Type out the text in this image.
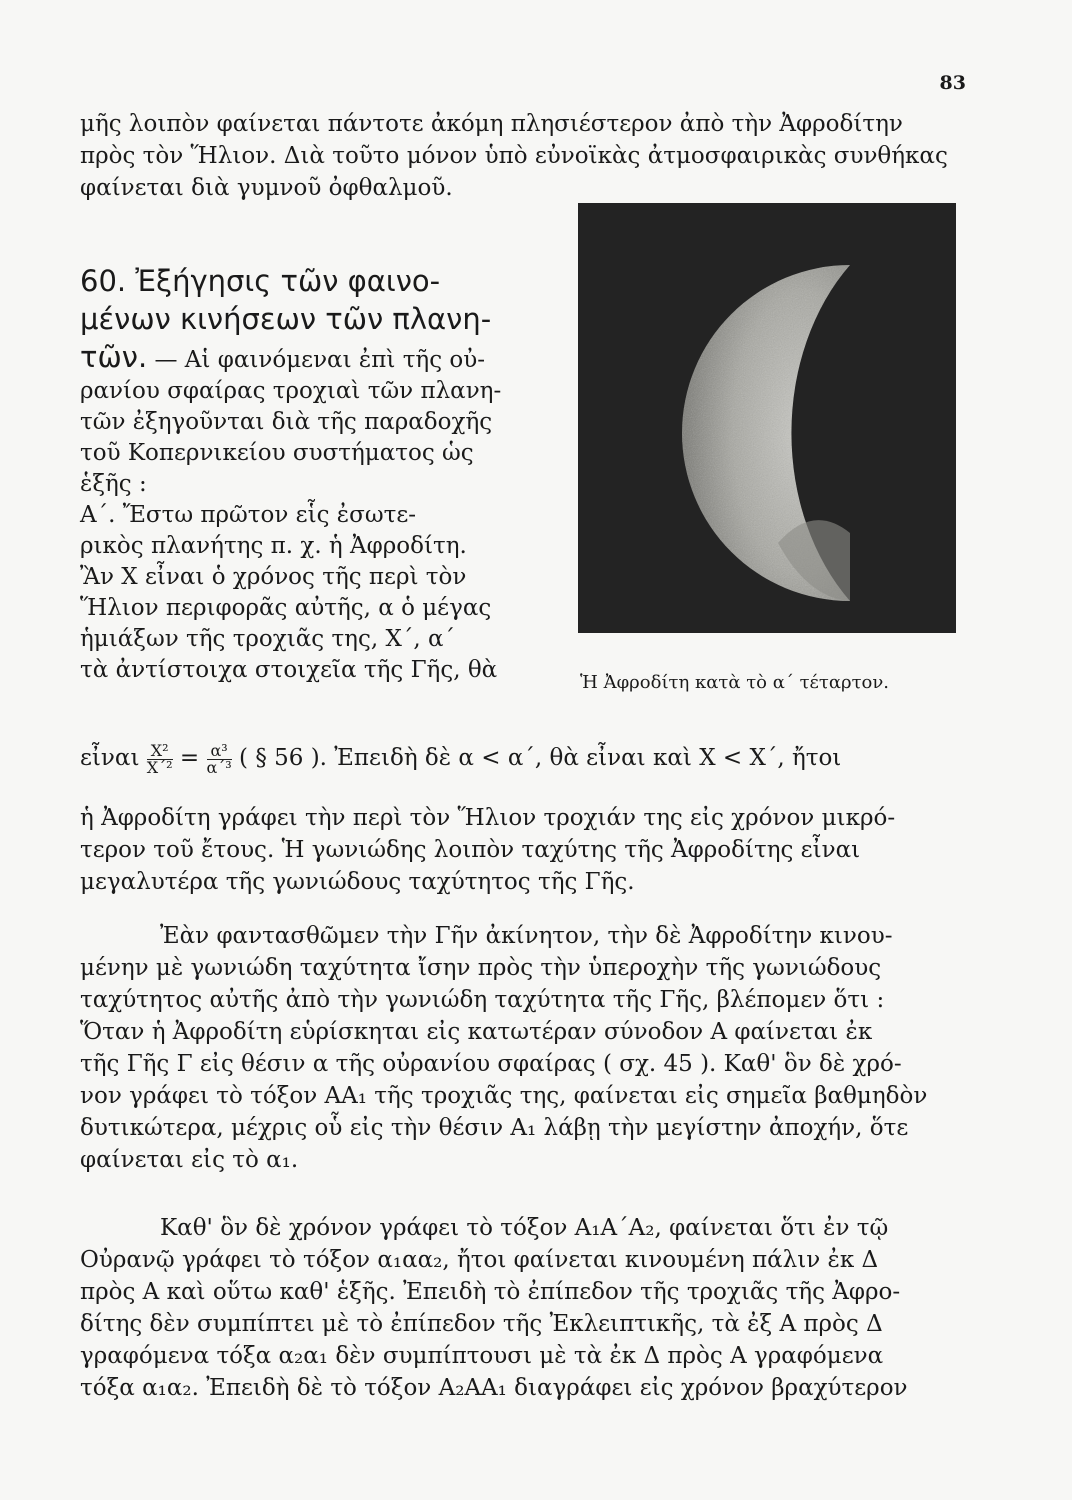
83
μῆς λοιπὸν φαίνεται πάντοτε ἀκόμη πλησιέστερον ἀπὸ τὴν Ἀφροδίτην
πρὸς τὸν Ἥλιον. Διὰ τοῦτο μόνον ὑπὸ εὐνοϊκὰς ἀτμοσφαιρικὰς συνθήκας
φαίνεται διὰ γυμνοῦ ὀφθαλμοῦ.
60. Ἐξήγησις τῶν φαινο-
μένων κινήσεων τῶν πλανη-
τῶν. — Αἱ φαινόμεναι ἐπὶ τῆς οὐ-
ρανίου σφαίρας τροχιαὶ τῶν πλανη-
τῶν ἐξηγοῦνται διὰ τῆς παραδοχῆς
τοῦ Κοπερνικείου συστήματος ὡς
ἑξῆς :
Α΄. Ἔστω πρῶτον εἷς ἐσωτε-
ρικὸς πλανήτης π. χ. ἡ Ἀφροδίτη.
Ἂν Χ εἶναι ὁ χρόνος τῆς περὶ τὸν
Ἥλιον περιφορᾶς αὐτῆς, α ὁ μέγας
ἡμιάξων τῆς τροχιᾶς της, Χ΄, α΄
τὰ ἀντίστοιχα στοιχεῖα τῆς Γῆς, θὰ	Ἡ Ἀφροδίτη κατὰ τὸ α΄ τέταρτον.
εἶναι $\frac{\text{Χ²}}{\text{Χ΄²}} = \frac{\text{α³}}{\text{α΄³}}$ ( § 56 ). Ἐπειδὴ δὲ α < α΄, θὰ εἶναι καὶ Χ < Χ΄, ἤτοι
ἡ Ἀφροδίτη γράφει τὴν περὶ τὸν Ἥλιον τροχιάν της εἰς χρόνον μικρό-
τερον τοῦ ἔτους. Ἡ γωνιώδης λοιπὸν ταχύτης τῆς Ἀφροδίτης εἶναι
μεγαλυτέρα τῆς γωνιώδους ταχύτητος τῆς Γῆς.
Ἐὰν φαντασθῶμεν τὴν Γῆν ἀκίνητον, τὴν δὲ Ἀφροδίτην κινου-
μένην μὲ γωνιώδη ταχύτητα ἴσην πρὸς τὴν ὑπεροχὴν τῆς γωνιώδους
ταχύτητος αὐτῆς ἀπὸ τὴν γωνιώδη ταχύτητα τῆς Γῆς, βλέπομεν ὅτι :
Ὅταν ἡ Ἀφροδίτη εὑρίσκηται εἰς κατωτέραν σύνοδον Α φαίνεται ἐκ
τῆς Γῆς Γ εἰς θέσιν α τῆς οὐρανίου σφαίρας ( σχ. 45 ). Καθ' ὃν δὲ χρό-
νον γράφει τὸ τόξον ΑΑ₁ τῆς τροχιᾶς της, φαίνεται εἰς σημεῖα βαθμηδὸν
δυτικώτερα, μέχρις οὗ εἰς τὴν θέσιν Α₁ λάβῃ τὴν μεγίστην ἀποχήν, ὅτε
φαίνεται εἰς τὸ α₁.
Καθ' ὃν δὲ χρόνον γράφει τὸ τόξον Α₁Α΄Α₂, φαίνεται ὅτι ἐν τῷ
Οὐρανῷ γράφει τὸ τόξον α₁αα₂, ἤτοι φαίνεται κινουμένη πάλιν ἐκ Δ
πρὸς Α καὶ οὕτω καθ' ἑξῆς. Ἐπειδὴ τὸ ἐπίπεδον τῆς τροχιᾶς τῆς Ἀφρο-
δίτης δὲν συμπίπτει μὲ τὸ ἐπίπεδον τῆς Ἐκλειπτικῆς, τὰ ἐξ Α πρὸς Δ
γραφόμενα τόξα α₂α₁ δὲν συμπίπτουσι μὲ τὰ ἐκ Δ πρὸς Α γραφόμενα
τόξα α₁α₂. Ἐπειδὴ δὲ τὸ τόξον Α₂ΑΑ₁ διαγράφει εἰς χρόνον βραχύτερον
